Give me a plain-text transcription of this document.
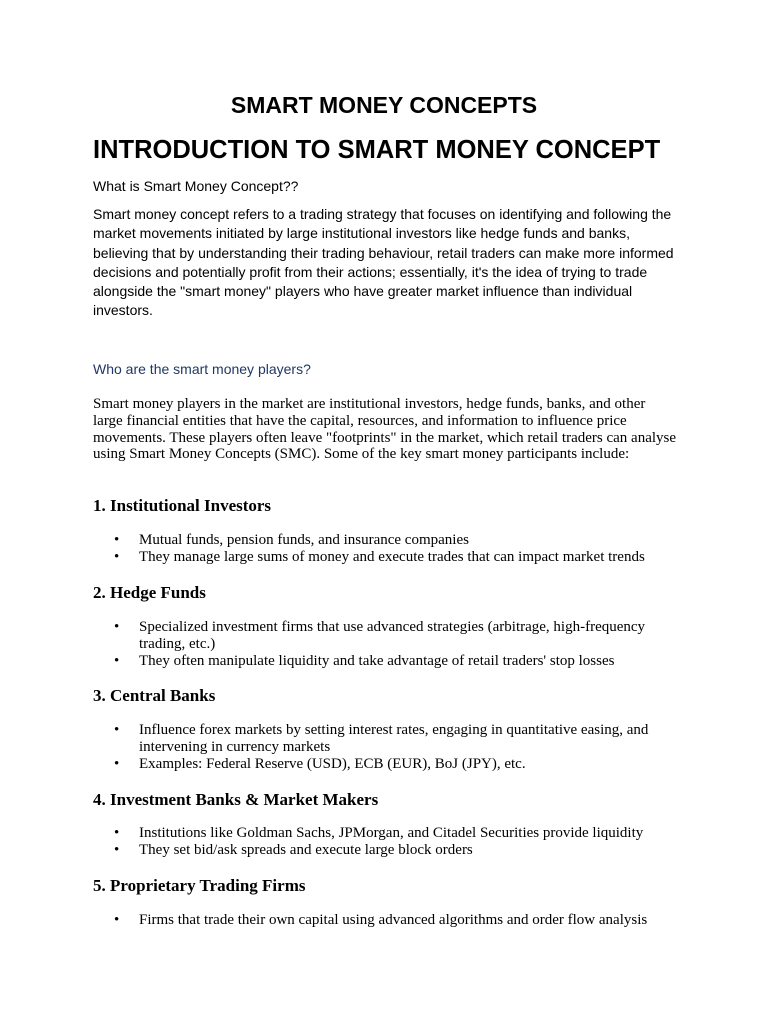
SMART MONEY CONCEPTS
INTRODUCTION TO SMART MONEY CONCEPT

What is Smart Money Concept??

Smart money concept refers to a trading strategy that focuses on identifying and following the market movements initiated by large institutional investors like hedge funds and banks, believing that by understanding their trading behaviour, retail traders can make more informed decisions and potentially profit from their actions; essentially, it's the idea of trying to trade alongside the "smart money" players who have greater market influence than individual investors.

Who are the smart money players?

Smart money players in the market are institutional investors, hedge funds, banks, and other large financial entities that have the capital, resources, and information to influence price movements. These players often leave "footprints" in the market, which retail traders can analyse using Smart Money Concepts (SMC). Some of the key smart money participants include:

1. Institutional Investors
• Mutual funds, pension funds, and insurance companies
• They manage large sums of money and execute trades that can impact market trends
2. Hedge Funds
• Specialized investment firms that use advanced strategies (arbitrage, high-frequency trading, etc.)
• They often manipulate liquidity and take advantage of retail traders' stop losses
3. Central Banks
• Influence forex markets by setting interest rates, engaging in quantitative easing, and intervening in currency markets
• Examples: Federal Reserve (USD), ECB (EUR), BoJ (JPY), etc.
4. Investment Banks & Market Makers
• Institutions like Goldman Sachs, JPMorgan, and Citadel Securities provide liquidity
• They set bid/ask spreads and execute large block orders
5. Proprietary Trading Firms
• Firms that trade their own capital using advanced algorithms and order flow analysis
